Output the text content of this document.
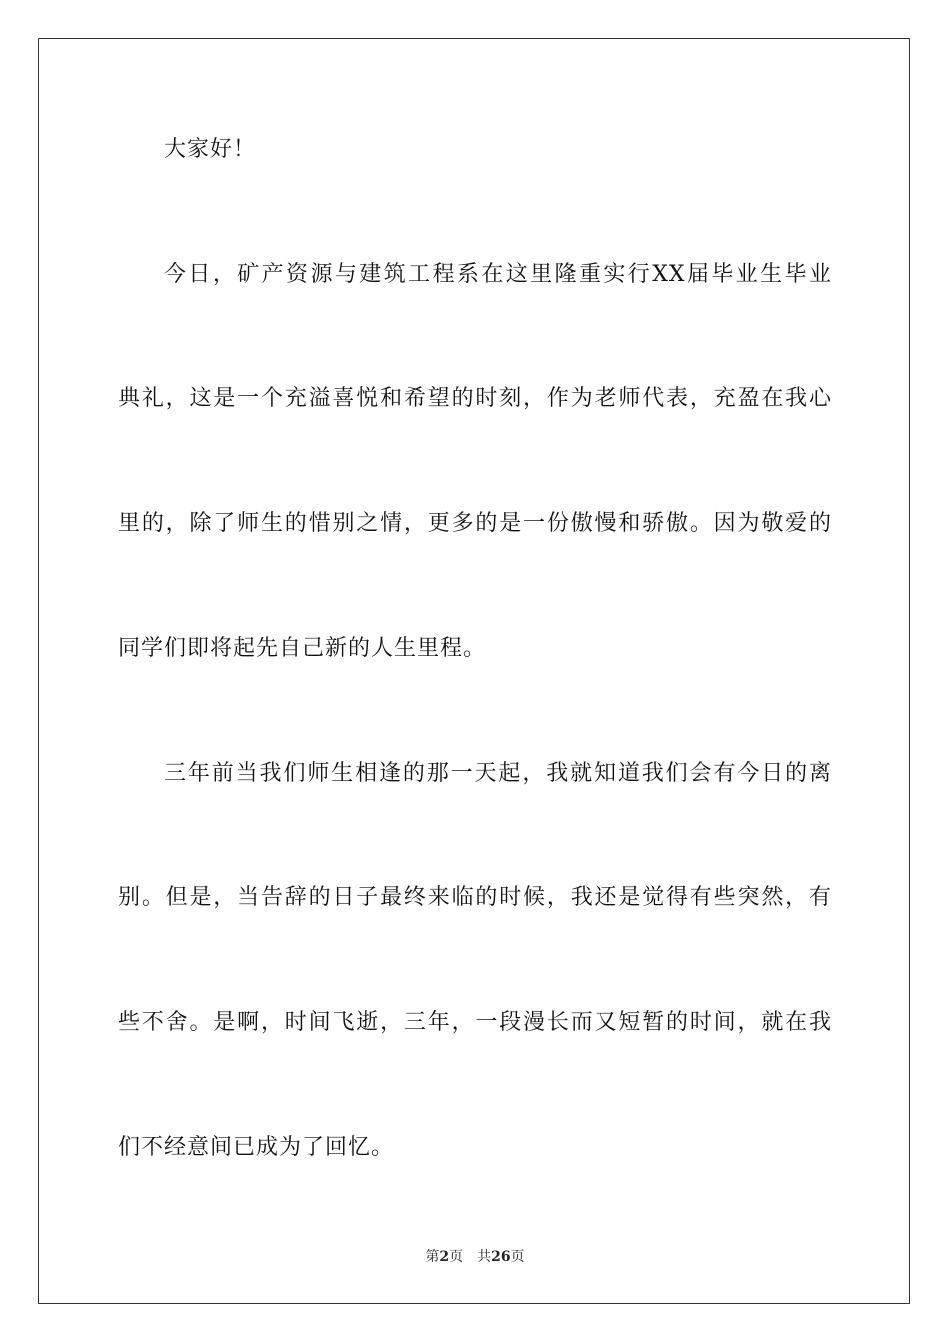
大家好！
今日，矿产资源与建筑工程系在这里隆重实行XX届毕业生毕业
典礼，这是一个充溢喜悦和希望的时刻，作为老师代表，充盈在我心
里的，除了师生的惜别之情，更多的是一份傲慢和骄傲。因为敬爱的
同学们即将起先自己新的人生里程。
三年前当我们师生相逢的那一天起，我就知道我们会有今日的离
别。但是，当告辞的日子最终来临的时候，我还是觉得有些突然，有
些不舍。是啊，时间飞逝，三年，一段漫长而又短暂的时间，就在我
们不经意间已成为了回忆。
第2页 共26页
